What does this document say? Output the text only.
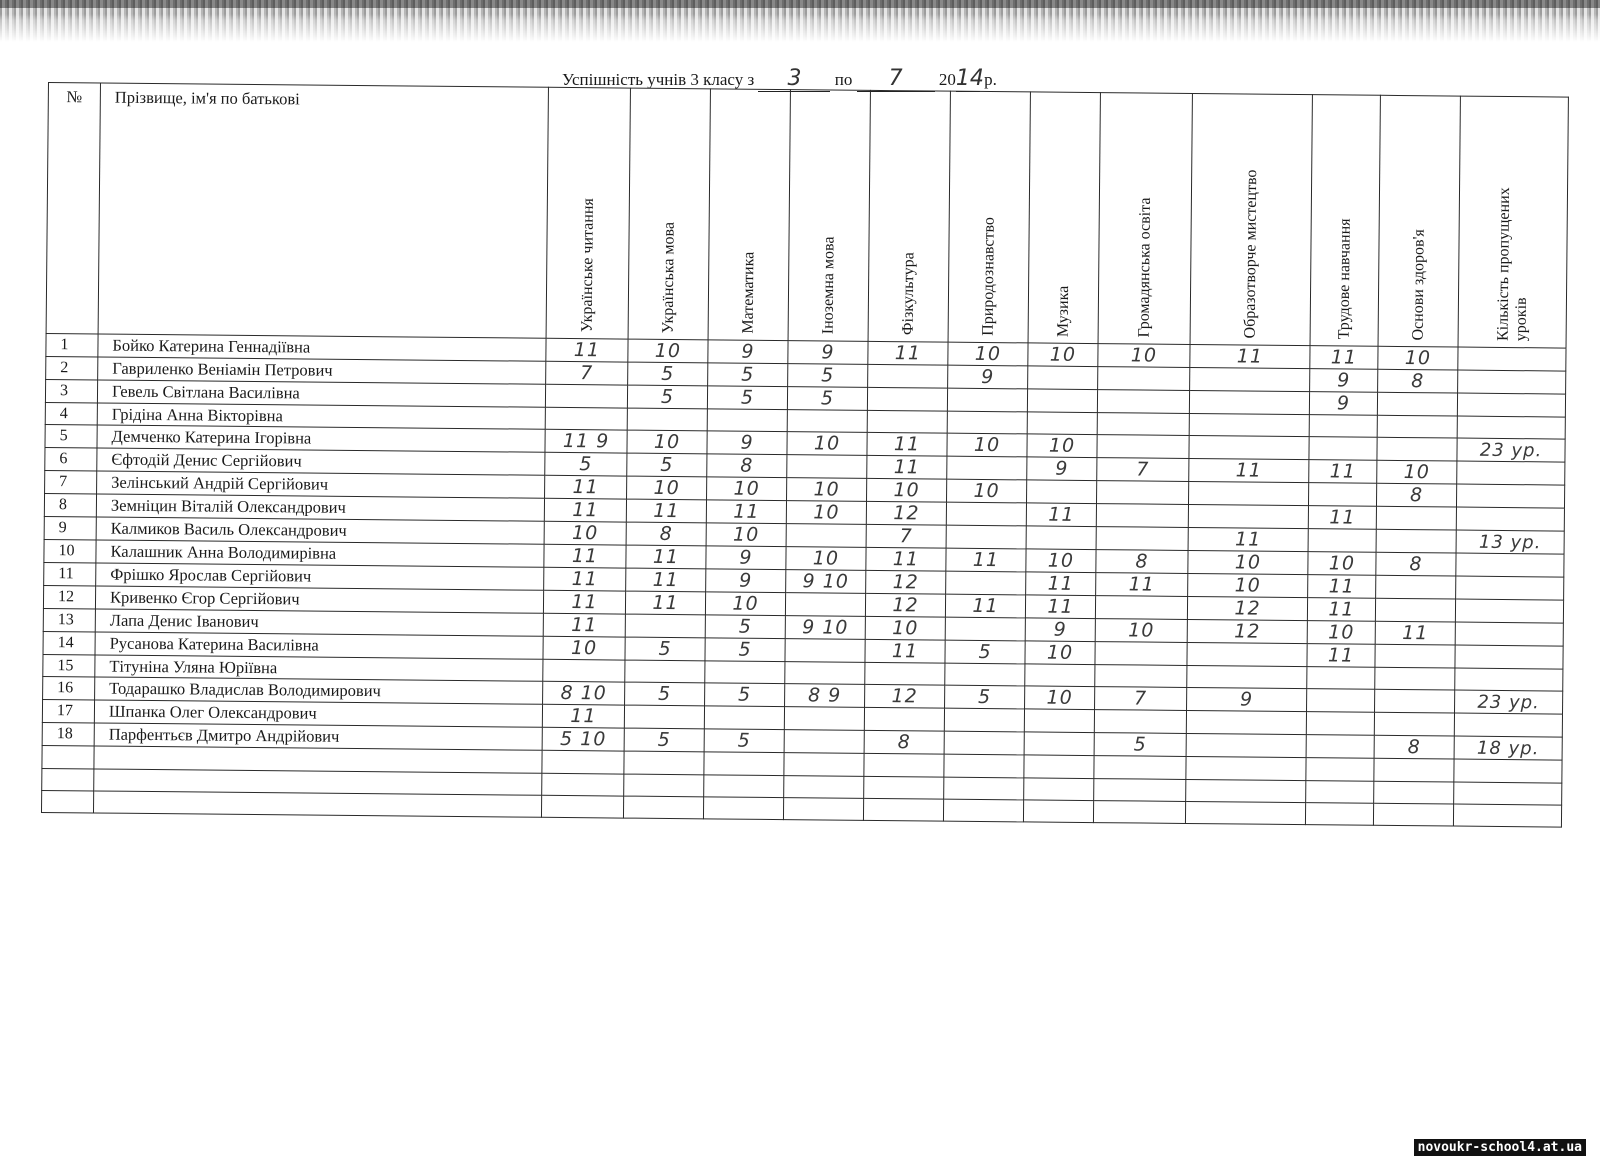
Успішність учнів 3 класу з 3 по 7 2014 р.
№	Прізвище, ім'я по батькові	Українське читання	Українська мова	Математика	Іноземна мова	Фізкультура	Природознавство	Музика	Громадянська освіта	Образотворче мистецтво	Трудове навчання	Основи здоров'я	Кількість пропущених уроків

1	Бойко Катерина Геннадіївна	11	10	9	9	11	10	10	10	11	11	10	
2	Гавриленко Веніамін Петрович	7	5	5	5		9				9	8	
3	Гевель Світлана Василівна		5	5	5						9		
4	Грідіна Анна Вікторівна												
5	Демченко Катерина Ігорівна	11 9	10	9	10	11	10	10					23 ур.
6	Єфтодій Денис Сергійович	5	5	8		11		9	7	11	11	10	
7	Зелінський Андрій Сергійович	11	10	10	10	10	10					8	
8	Земніцин Віталій Олександрович	11	11	11	10	12		11			11		
9	Калмиков Василь Олександрович	10	8	10		7				11			13 ур.
10	Калашник Анна Володимирівна	11	11	9	10	11	11	10	8	10	10	8	
11	Фрішко Ярослав Сергійович	11	11	9	9 10	12		11	11	10	11		
12	Кривенко Єгор Сергійович	11	11	10		12	11	11		12	11		
13	Лапа Денис Іванович	11		5	9 10	10		9	10	12	10	11	
14	Русанова Катерина Василівна	10	5	5		11	5	10			11		
15	Тітуніна Уляна Юріївна												
16	Тодарашко Владислав Володимирович	8 10	5	5	8 9	12	5	10	7	9			23 ур.
17	Шпанка Олег Олександрович	11											
18	Парфентьєв Дмитро Андрійович	5 10	5	5		8			5			8	18 ур.

novoukr-school4.at.ua
